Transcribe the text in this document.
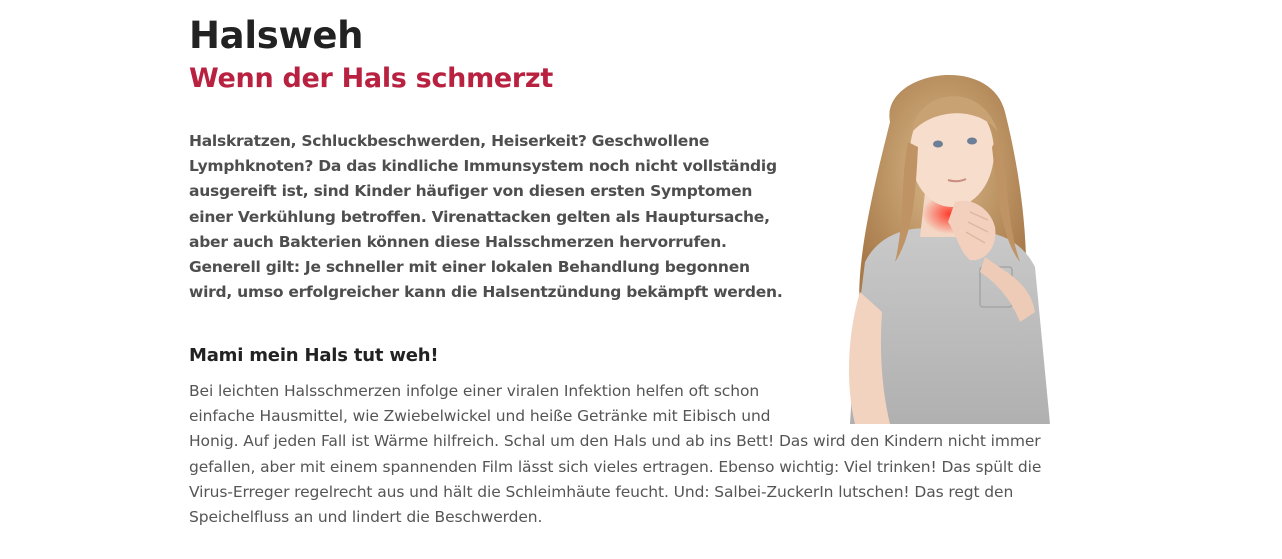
Halsweh
Wenn der Hals schmerzt

Halskratzen, Schluckbeschwerden, Heiserkeit? Geschwollene Lymphknoten? Da das kindliche Immunsystem noch nicht vollständig ausgereift ist, sind Kinder häufiger von diesen ersten Symptomen einer Verkühlung betroffen. Virenattacken gelten als Hauptursache, aber auch Bakterien können diese Halsschmerzen hervorrufen. Generell gilt: Je schneller mit einer lokalen Behandlung begonnen wird, umso erfolgreicher kann die Halsentzündung bekämpft werden.

Mami mein Hals tut weh!
Bei leichten Halsschmerzen infolge einer viralen Infektion helfen oft schon einfache Hausmittel, wie Zwiebelwickel und heiße Getränke mit Eibisch und Honig. Auf jeden Fall ist Wärme hilfreich. Schal um den Hals und ab ins Bett! Das wird den Kindern nicht immer gefallen, aber mit einem spannenden Film lässt sich vieles ertragen. Ebenso wichtig: Viel trinken! Das spült die Virus-Erreger regelrecht aus und hält die Schleimhäute feucht. Und: Salbei-ZuckerIn lutschen! Das regt den Speichelfluss an und lindert die Beschwerden.
